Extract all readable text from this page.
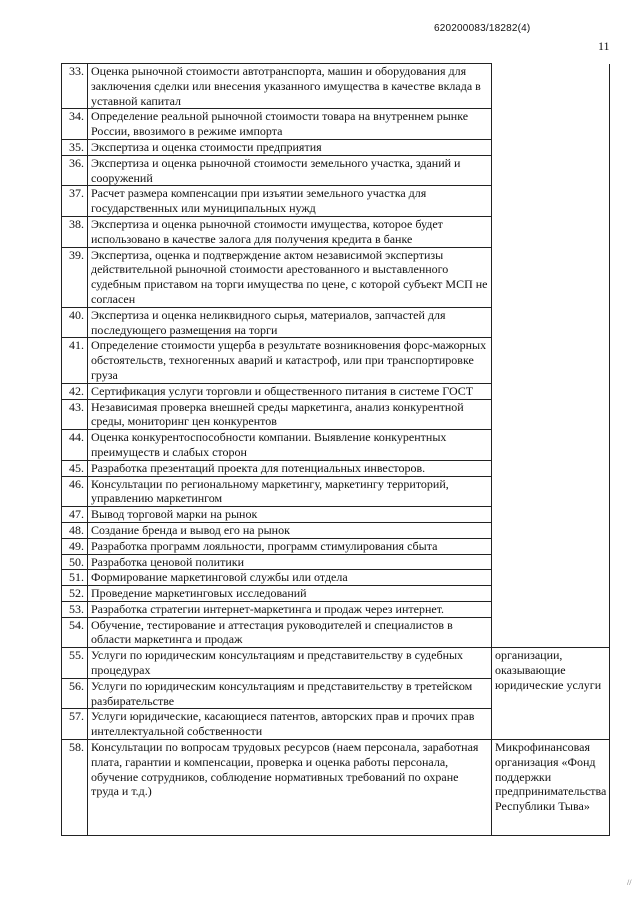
620200083/18282(4)
11
33.	Оценка рыночной стоимости автотранспорта, машин и оборудования для заключения сделки или внесения указанного имущества в качестве вклада в уставной капитал	
34.	Определение реальной рыночной стоимости товара на внутреннем рынке России, ввозимого в режиме импорта	
35.	Экспертиза и оценка стоимости предприятия	
36.	Экспертиза и оценка рыночной стоимости земельного участка, зданий и сооружений	
37.	Расчет размера компенсации при изъятии земельного участка для государственных или муниципальных нужд	
38.	Экспертиза и оценка рыночной стоимости имущества, которое будет использовано в качестве залога для получения кредита в банке	
39.	Экспертиза, оценка и подтверждение актом независимой экспертизы действительной рыночной стоимости арестованного и выставленного судебным приставом на торги имущества по цене, с которой субъект МСП не согласен	
40.	Экспертиза и оценка неликвидного сырья, материалов, запчастей для последующего размещения на торги	
41.	Определение стоимости ущерба в результате возникновения форс-мажорных обстоятельств, техногенных аварий и катастроф, или при транспортировке груза	
42.	Сертификация услуги торговли и общественного питания в системе ГОСТ	
43.	Независимая проверка внешней среды маркетинга, анализ конкурентной среды, мониторинг цен конкурентов	
44.	Оценка конкурентоспособности компании. Выявление конкурентных преимуществ и слабых сторон	
45.	Разработка презентаций проекта для потенциальных инвесторов.	
46.	Консультации по региональному маркетингу, маркетингу территорий, управлению маркетингом	
47.	Вывод торговой марки на рынок	
48.	Создание бренда и вывод его на рынок	
49.	Разработка программ лояльности, программ стимулирования сбыта	
50.	Разработка ценовой политики	
51.	Формирование маркетинговой службы или отдела	
52.	Проведение маркетинговых исследований	
53.	Разработка стратегии интернет-маркетинга и продаж через интернет.	
54.	Обучение, тестирование и аттестация руководителей и специалистов в области маркетинга и продаж	
55.	Услуги по юридическим консультациям и представительству в судебных процедурах	организации, оказывающие юридические услуги
56.	Услуги по юридическим консультациям и представительству в третейском разбирательстве	
57.	Услуги юридические, касающиеся патентов, авторских прав и прочих прав интеллектуальной собственности	
58.	Консультации по вопросам трудовых ресурсов (наем персонала, заработная плата, гарантии и компенсации, проверка и оценка работы персонала, обучение сотрудников, соблюдение нормативных требований по охране труда и т.д.)	Микрофинансовая организация «Фонд поддержки предпринимательства Республики Тыва»
//
